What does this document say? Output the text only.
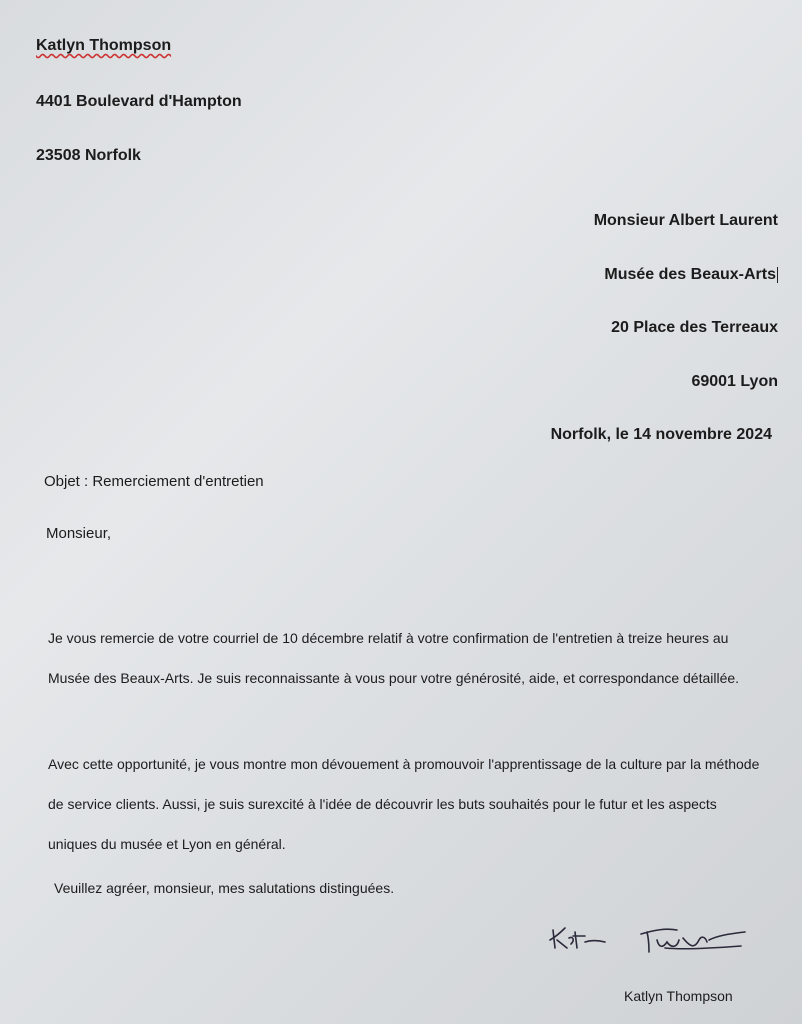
Katlyn Thompson
4401 Boulevard d'Hampton
23508 Norfolk
Monsieur Albert Laurent
Musée des Beaux-Arts
20 Place des Terreaux
69001 Lyon
Norfolk, le 14 novembre 2024
Objet : Remerciement d'entretien
Monsieur,
Je vous remercie de votre courriel de 10 décembre relatif à votre confirmation de l'entretien à treize heures au Musée des Beaux-Arts. Je suis reconnaissante à vous pour votre générosité, aide, et correspondance détaillée.
Avec cette opportunité, je vous montre mon dévouement à promouvoir l'apprentissage de la culture par la méthode de service clients. Aussi, je suis surexcité à l'idée de découvrir les buts souhaités pour le futur et les aspects uniques du musée et Lyon en général.
Veuillez agréer, monsieur, mes salutations distinguées.
Katlyn Thompson
